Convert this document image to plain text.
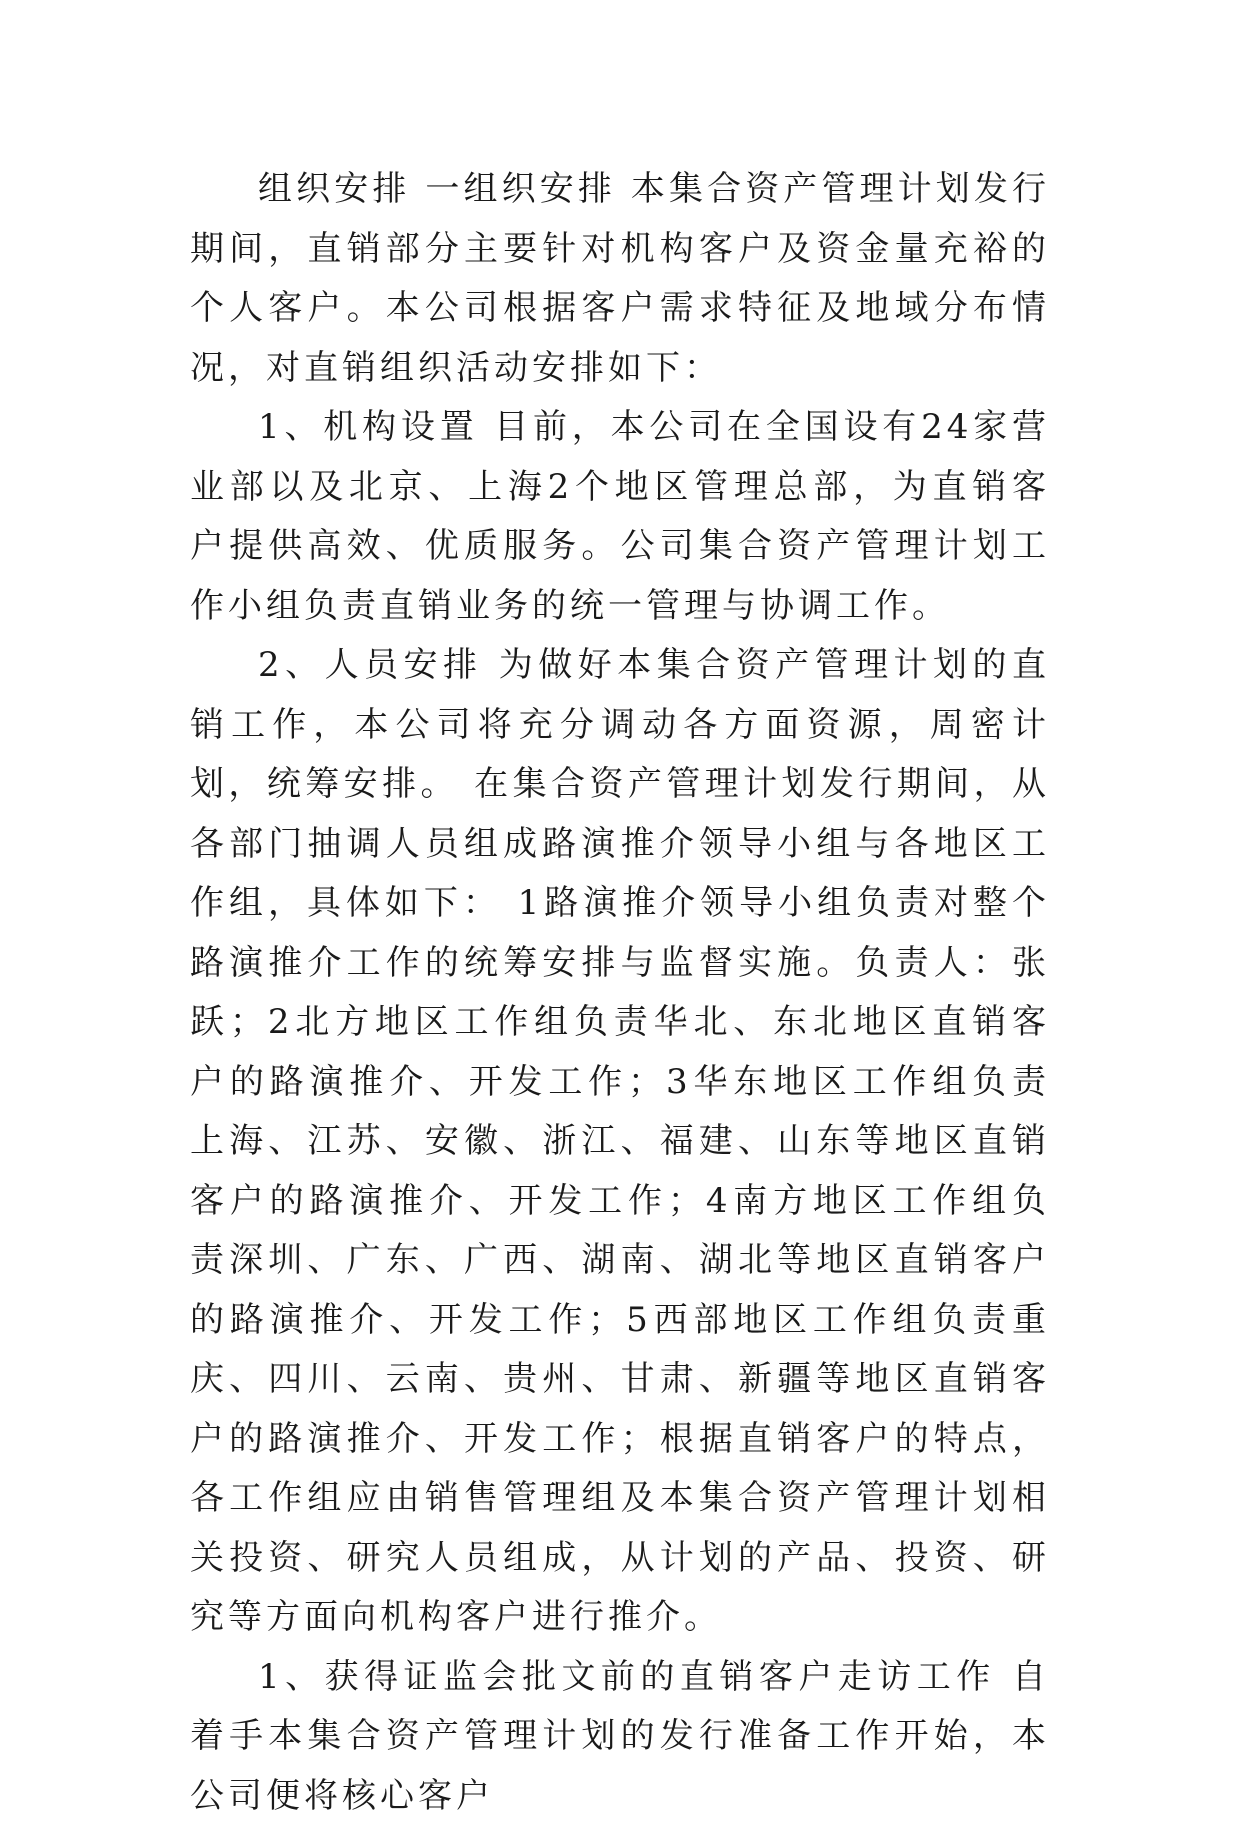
组织安排 一组织安排 本集合资产管理计划发行期间，直销部分主要针对机构客户及资金量充裕的个人客户。本公司根据客户需求特征及地域分布情况，对直销组织活动安排如下：

1、机构设置 目前，本公司在全国设有24家营业部以及北京、上海2个地区管理总部，为直销客户提供高效、优质服务。公司集合资产管理计划工作小组负责直销业务的统一管理与协调工作。

2、人员安排 为做好本集合资产管理计划的直销工作，本公司将充分调动各方面资源，周密计划，统筹安排。 在集合资产管理计划发行期间，从各部门抽调人员组成路演推介领导小组与各地区工作组，具体如下： 1路演推介领导小组负责对整个路演推介工作的统筹安排与监督实施。负责人：张跃；2北方地区工作组负责华北、东北地区直销客户的路演推介、开发工作；3华东地区工作组负责上海、江苏、安徽、浙江、福建、山东等地区直销客户的路演推介、开发工作；4南方地区工作组负责深圳、广东、广西、湖南、湖北等地区直销客户的路演推介、开发工作；5西部地区工作组负责重庆、四川、云南、贵州、甘肃、新疆等地区直销客户的路演推介、开发工作；根据直销客户的特点，各工作组应由销售管理组及本集合资产管理计划相关投资、研究人员组成，从计划的产品、投资、研究等方面向机构客户进行推介。

1、获得证监会批文前的直销客户走访工作 自着手本集合资产管理计划的发行准备工作开始，本公司便将核心客户
